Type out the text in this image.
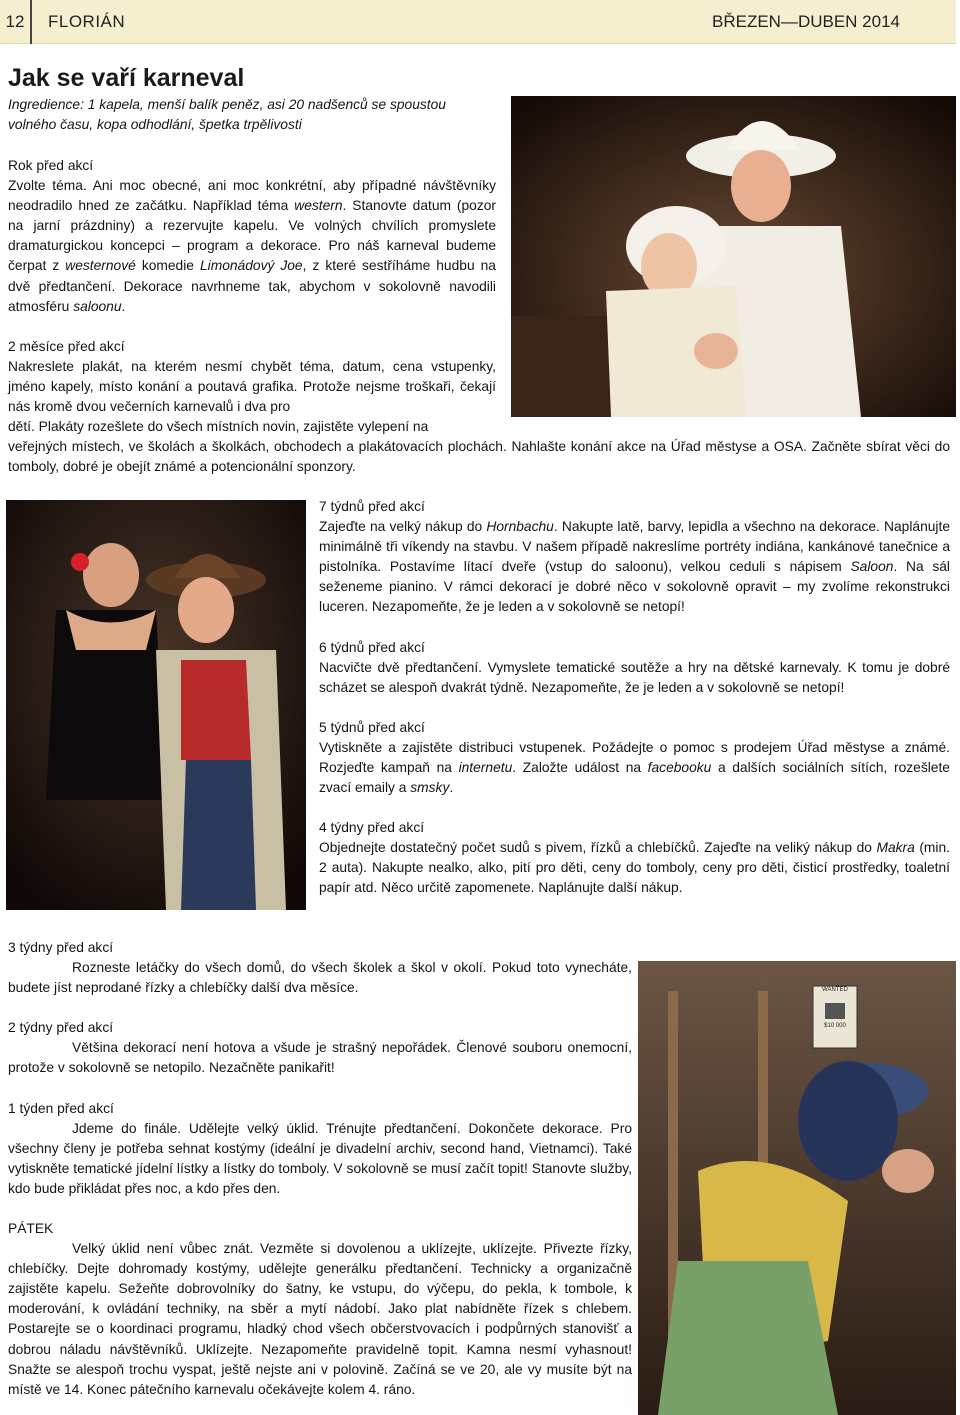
12	FLORIÁN	BŘEZEN—DUBEN 2014
Jak se vaří karneval

Ingredience: 1 kapela, menší balík peněz, asi 20 nadšenců se spoustou

volného času, kopa odhodlání, špetka trpělivosti

Rok před akcí

Zvolte téma. Ani moc obecné, ani moc konkrétní, aby případné návštěvníky neodradilo hned ze začátku. Například téma western. Stanovte datum (pozor na jarní prázdniny) a rezervujte kapelu. Ve volných chvílích promyslete dramaturgickou koncepci – program a dekorace. Pro náš karneval budeme čerpat z westernové komedie Limonádový Joe, z které sestříháme hudbu na dvě předtančení. Dekorace navrhneme tak, abychom v sokolovně navodili atmosféru saloonu.

2 měsíce před akcí

Nakreslete plakát, na kterém nesmí chybět téma, datum, cena vstupenky, jméno kapely, místo konání a poutavá grafika. Protože nejsme troškaři, čekají nás kromě dvou večerních karnevalů i dva pro

dětí. Plakáty rozešlete do všech místních novin, zajistěte vylepení na

veřejných místech, ve školách a školkách, obchodech a plakátovacích plochách. Nahlašte konání akce na Úřad městyse a OSA. Začněte sbírat věci do tomboly, dobré je obejít známé a potencionální sponzory.

7 týdnů před akcí

Zajeďte na velký nákup do Hornbachu. Nakupte latě, barvy, lepidla a všechno na dekorace. Naplánujte minimálně tři víkendy na stavbu. V našem případě nakreslíme portréty indiána, kankánové tanečnice a pistolníka. Postavíme lítací dveře (vstup do saloonu), velkou ceduli s nápisem Saloon. Na sál seženeme pianino. V rámci dekorací je dobré něco v sokolovně opravit – my zvolíme rekonstrukci luceren. Nezapomeňte, že je leden a v sokolovně se netopí!

6 týdnů před akcí

Nacvičte dvě předtančení. Vymyslete tematické soutěže a hry na dětské karnevaly. K tomu je dobré scházet se alespoň dvakrát týdně. Nezapomeňte, že je leden a v sokolovně se netopí!

5 týdnů před akcí

Vytiskněte a zajistěte distribuci vstupenek. Požádejte o pomoc s prodejem Úřad městyse a známé. Rozjeďte kampaň na internetu. Založte událost na facebooku a dalších sociálních sítích, rozešlete zvací emaily a smsky.

4 týdny před akcí

Objednejte dostatečný počet sudů s pivem, řízků a chlebíčků. Zajeďte na veliký nákup do Makra (min. 2 auta). Nakupte nealko, alko, pití pro děti, ceny do tomboly, ceny pro děti, čisticí prostředky, toaletní papír atd. Něco určitě zapomenete. Naplánujte další nákup.

3 týdny před akcí

Rozneste letáčky do všech domů, do všech školek a škol v okolí. Pokud toto vynecháte, budete jíst neprodané řízky a chlebíčky další dva měsíce.

2 týdny před akcí

Většina dekorací není hotova a všude je strašný nepořádek. Členové souboru onemocní, protože v sokolovně se netopilo. Nezačněte panikařit!

1 týden před akcí

Jdeme do finále. Udělejte velký úklid. Trénujte předtančení. Dokončete dekorace. Pro všechny členy je potřeba sehnat kostýmy (ideální je divadelní archiv, second hand, Vietnamci). Také vytiskněte tematické jídelní lístky a lístky do tomboly. V sokolovně se musí začít topit! Stanovte služby, kdo bude přikládat přes noc, a kdo přes den.

PÁTEK

Velký úklid není vůbec znát. Vezměte si dovolenou a uklízejte, uklízejte. Přivezte řízky, chlebíčky. Dejte dohromady kostýmy, udělejte generálku předtančení. Technicky a organizačně zajistěte kapelu. Sežeňte dobrovolníky do šatny, ke vstupu, do výčepu, do pekla, k tombole, k moderování, k ovládání techniky, na sběr a mytí nádobí. Jako plat nabídněte řízek s chlebem. Postarejte se o koordinaci programu, hladký chod všech občerstvovacích i podpůrných stanovišť a dobrou náladu návštěvníků. Uklízejte. Nezapomeňte pravidelně topit. Kamna nesmí vyhasnout! Snažte se alespoň trochu vyspat, ještě nejste ani v polovině. Začíná se ve 20, ale vy musíte být na místě ve 14. Konec pátečního karnevalu očekávejte kolem 4. ráno.

WANTED
$10 000
